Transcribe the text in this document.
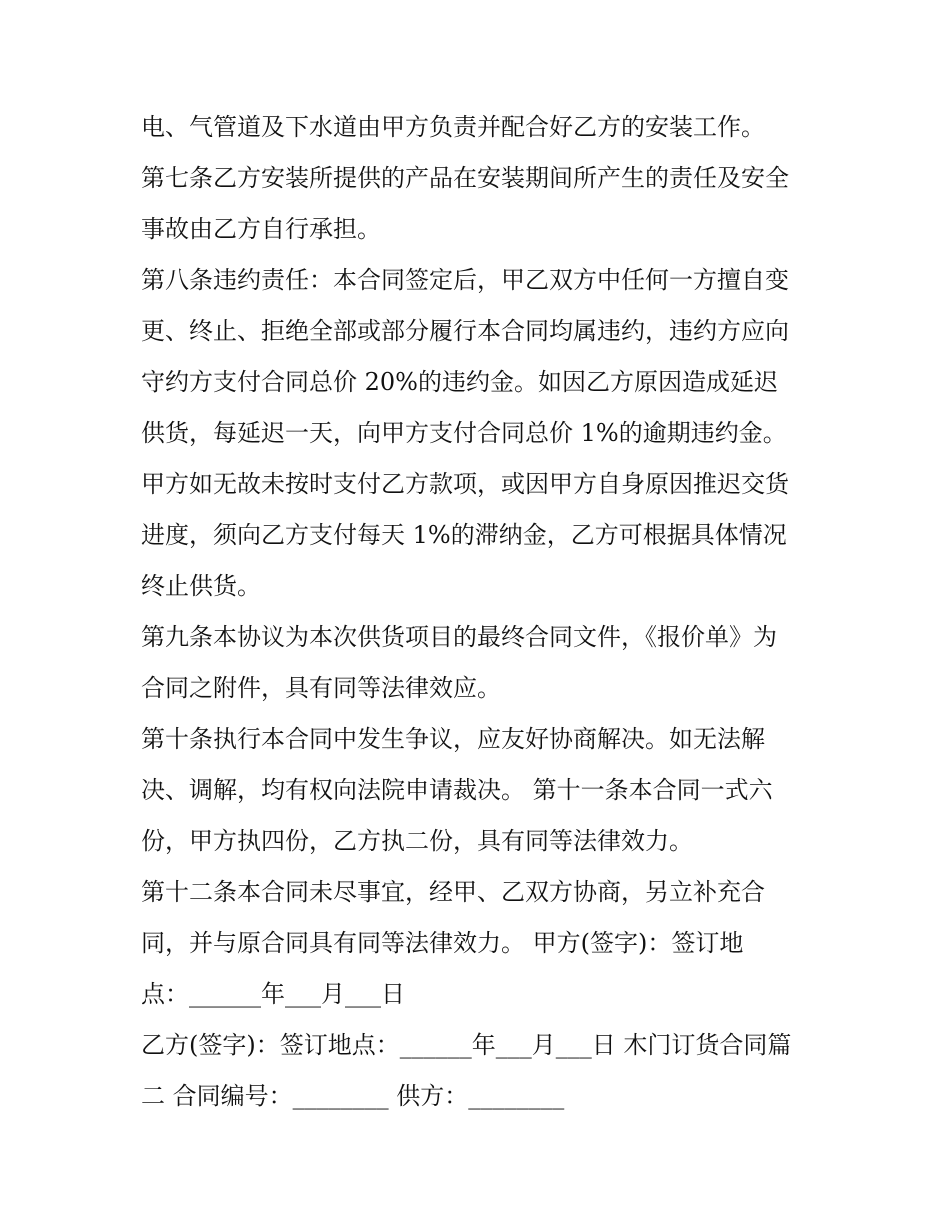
电、气管道及下水道由甲方负责并配合好乙方的安装工作。

第七条乙方安装所提供的产品在安装期间所产生的责任及安全

事故由乙方自行承担。

第八条违约责任：本合同签定后，甲乙双方中任何一方擅自变

更、终止、拒绝全部或部分履行本合同均属违约，违约方应向

守约方支付合同总价 20%的违约金。如因乙方原因造成延迟

供货，每延迟一天，向甲方支付合同总价 1%的逾期违约金。

甲方如无故未按时支付乙方款项，或因甲方自身原因推迟交货

进度，须向乙方支付每天 1%的滞纳金，乙方可根据具体情况

终止供货。

第九条本协议为本次供货项目的最终合同文件，《报价单》为

合同之附件，具有同等法律效应。

第十条执行本合同中发生争议，应友好协商解决。如无法解

决、调解，均有权向法院申请裁决。 第十一条本合同一式六

份，甲方执四份，乙方执二份，具有同等法律效力。

第十二条本合同未尽事宜，经甲、乙双方协商，另立补充合

同，并与原合同具有同等法律效力。 甲方(签字)：签订地

点：______年___月___日

乙方(签字)：签订地点：______年___月___日 木门订货合同篇

二 合同编号：________ 供方：________
